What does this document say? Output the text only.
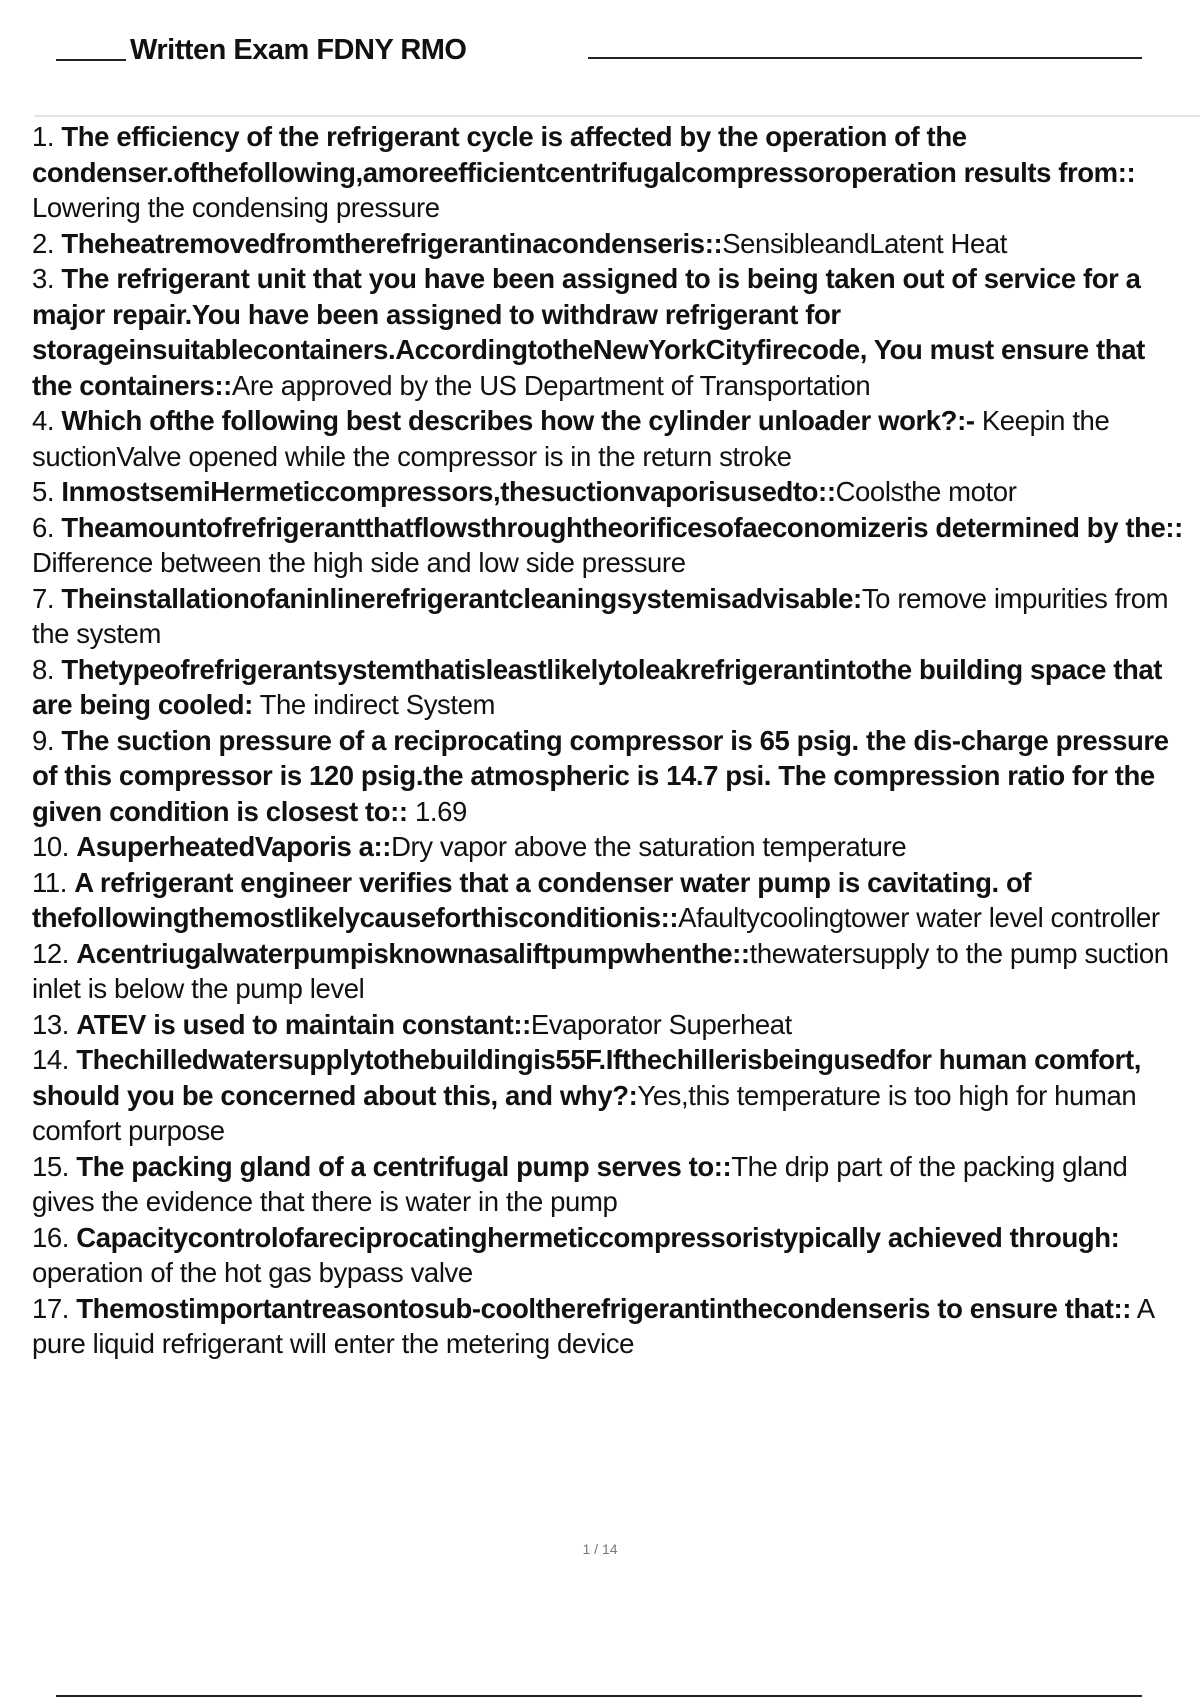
Written Exam FDNY RMO

1. The efficiency of the refrigerant cycle is affected by the operation of the condenser.ofthefollowing,amoreefficientcentrifugalcompressoroperation results from:: Lowering the condensing pressure

2. Theheatremovedfromtherefrigerantinacondenseris::SensibleandLatent Heat

3. The refrigerant unit that you have been assigned to is being taken out of service for a major repair.You have been assigned to withdraw refrigerant for storageinsuitablecontainers.AccordingtotheNewYorkCityfirecode, You must ensure that the containers::Are approved by the US Department of Transportation

4. Which ofthe following best describes how the cylinder unloader work?:- Keepin the suctionValve opened while the compressor is in the return stroke

5. InmostsemiHermeticcompressors,thesuctionvaporisusedto::Coolsthe motor

6. Theamountofrefrigerantthatflowsthroughtheorificesofaeconomizeris determined by the:: Difference between the high side and low side pressure

7. Theinstallationofaninlinerefrigerantcleaningsystemisadvisable:To remove impurities from the system

8. Thetypeofrefrigerantsystemthatisleastlikelytoleakrefrigerantintothe building space that are being cooled: The indirect System

9. The suction pressure of a reciprocating compressor is 65 psig. the dis-charge pressure of this compressor is 120 psig.the atmospheric is 14.7 psi. The compression ratio for the given condition is closest to:: 1.69

10. AsuperheatedVaporis a::Dry vapor above the saturation temperature

11. A refrigerant engineer verifies that a condenser water pump is cavitating. of thefollowingthemostlikelycauseforthisconditionis::Afaultycoolingtower water level controller

12. Acentriugalwaterpumpisknownasaliftpumpwhenthe::thewatersupply to the pump suction inlet is below the pump level

13. ATEV is used to maintain constant::Evaporator Superheat

14. Thechilledwatersupplytothebuildingis55F.Ifthechillerisbeingusedfor human comfort, should you be concerned about this, and why?:Yes,this temperature is too high for human comfort purpose

15. The packing gland of a centrifugal pump serves to::The drip part of the packing gland gives the evidence that there is water in the pump

16. Capacitycontrolofareciprocatinghermeticcompressoristypically achieved through: operation of the hot gas bypass valve

17. Themostimportantreasontosub-cooltherefrigerantinthecondenseris to ensure that:: A pure liquid refrigerant will enter the metering device

1 / 14
